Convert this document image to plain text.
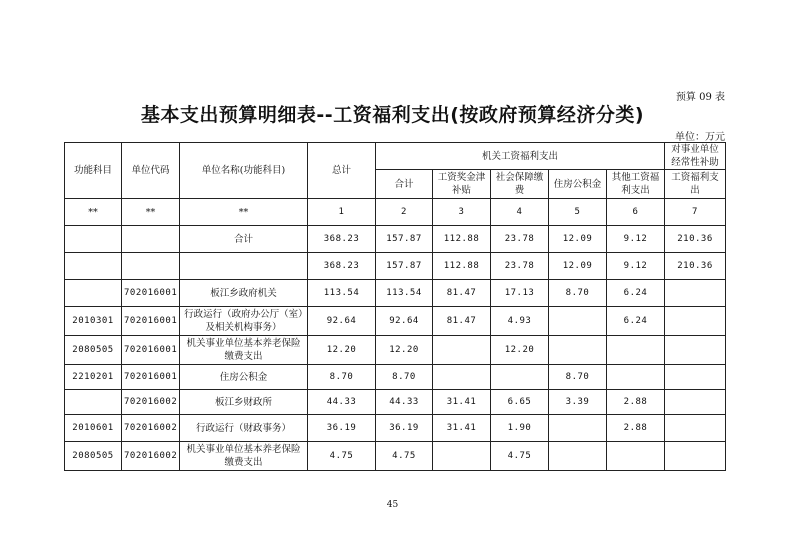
预算 09 表
基本支出预算明细表--工资福利支出(按政府预算经济分类)
单位：万元
功能科目	单位代码	单位名称(功能科目)	总计	机关工资福利支出					对事业单位经常性补助
				合计	工资奖金津补贴	社会保障缴费	住房公积金	其他工资福利支出	工资福利支出
**	**	**	1	2	3	4	5	6	7
		合计	368.23	157.87	112.88	23.78	12.09	9.12	210.36
			368.23	157.87	112.88	23.78	12.09	9.12	210.36
	702016001	板江乡政府机关	113.54	113.54	81.47	17.13	8.70	6.24	
2010301	702016001	行政运行（政府办公厅（室）及相关机构事务）	92.64	92.64	81.47	4.93		6.24	
2080505	702016001	机关事业单位基本养老保险缴费支出	12.20	12.20		12.20			
2210201	702016001	住房公积金	8.70	8.70			8.70		
	702016002	板江乡财政所	44.33	44.33	31.41	6.65	3.39	2.88	
2010601	702016002	行政运行（财政事务）	36.19	36.19	31.41	1.90		2.88	
2080505	702016002	机关事业单位基本养老保险缴费支出	4.75	4.75		4.75			
45
